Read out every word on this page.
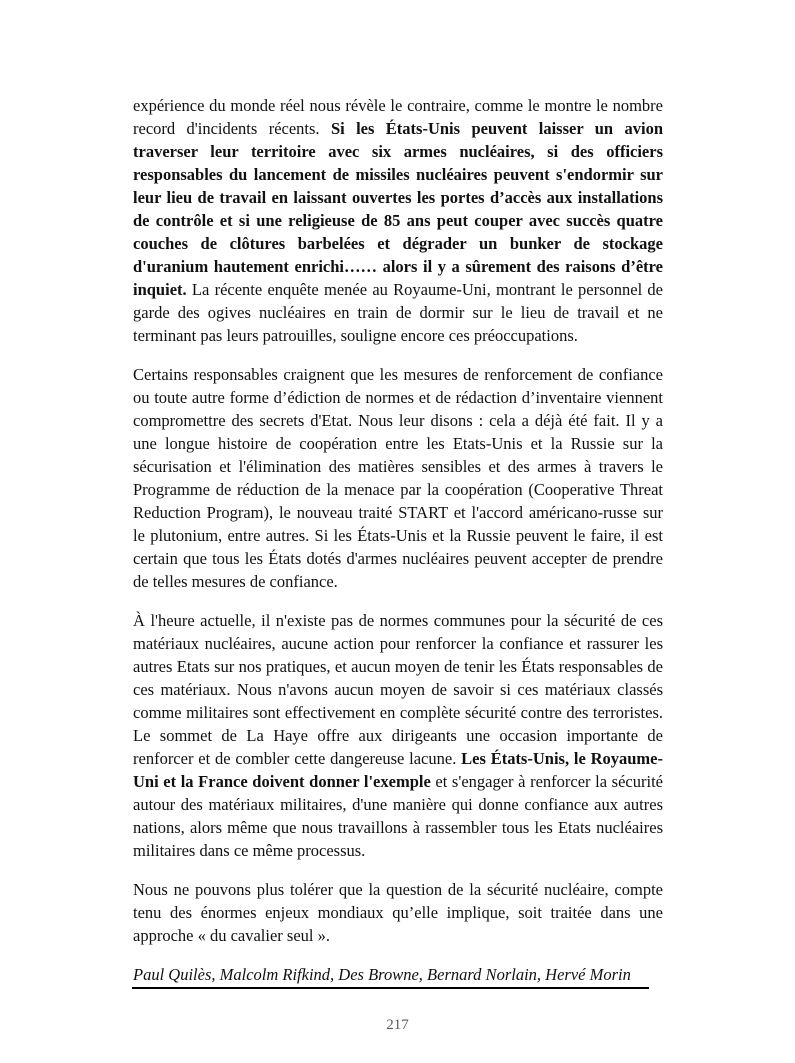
expérience du monde réel nous révèle le contraire, comme le montre le nombre record d'incidents récents. Si les États-Unis peuvent laisser un avion traverser leur territoire avec six armes nucléaires, si des officiers responsables du lancement de missiles nucléaires peuvent s'endormir sur leur lieu de travail en laissant ouvertes les portes d’accès aux installations de contrôle et si une religieuse de 85 ans peut couper avec succès quatre couches de clôtures barbelées et dégrader un bunker de stockage d'uranium hautement enrichi…… alors il y a sûrement des raisons d’être inquiet. La récente enquête menée au Royaume-Uni, montrant le personnel de garde des ogives nucléaires en train de dormir sur le lieu de travail et ne terminant pas leurs patrouilles, souligne encore ces préoccupations.

Certains responsables craignent que les mesures de renforcement de confiance ou toute autre forme d’édiction de normes et de rédaction d’inventaire viennent compromettre des secrets d'Etat. Nous leur disons : cela a déjà été fait. Il y a une longue histoire de coopération entre les Etats-Unis et la Russie sur la sécurisation et l'élimination des matières sensibles et des armes à travers le Programme de réduction de la menace par la coopération (Cooperative Threat Reduction Program), le nouveau traité START et l'accord américano-russe sur le plutonium, entre autres. Si les États-Unis et la Russie peuvent le faire, il est certain que tous les États dotés d'armes nucléaires peuvent accepter de prendre de telles mesures de confiance.

À l'heure actuelle, il n'existe pas de normes communes pour la sécurité de ces matériaux nucléaires, aucune action pour renforcer la confiance et rassurer les autres Etats sur nos pratiques, et aucun moyen de tenir les États responsables de ces matériaux. Nous n'avons aucun moyen de savoir si ces matériaux classés comme militaires sont effectivement en complète sécurité contre des terroristes. Le sommet de La Haye offre aux dirigeants une occasion importante de renforcer et de combler cette dangereuse lacune. Les États-Unis, le Royaume-Uni et la France doivent donner l'exemple et s'engager à renforcer la sécurité autour des matériaux militaires, d'une manière qui donne confiance aux autres nations, alors même que nous travaillons à rassembler tous les Etats nucléaires militaires dans ce même processus.

Nous ne pouvons plus tolérer que la question de la sécurité nucléaire, compte tenu des énormes enjeux mondiaux qu’elle implique, soit traitée dans une approche « du cavalier seul ».

Paul Quilès, Malcolm Rifkind, Des Browne, Bernard Norlain, Hervé Morin

217
